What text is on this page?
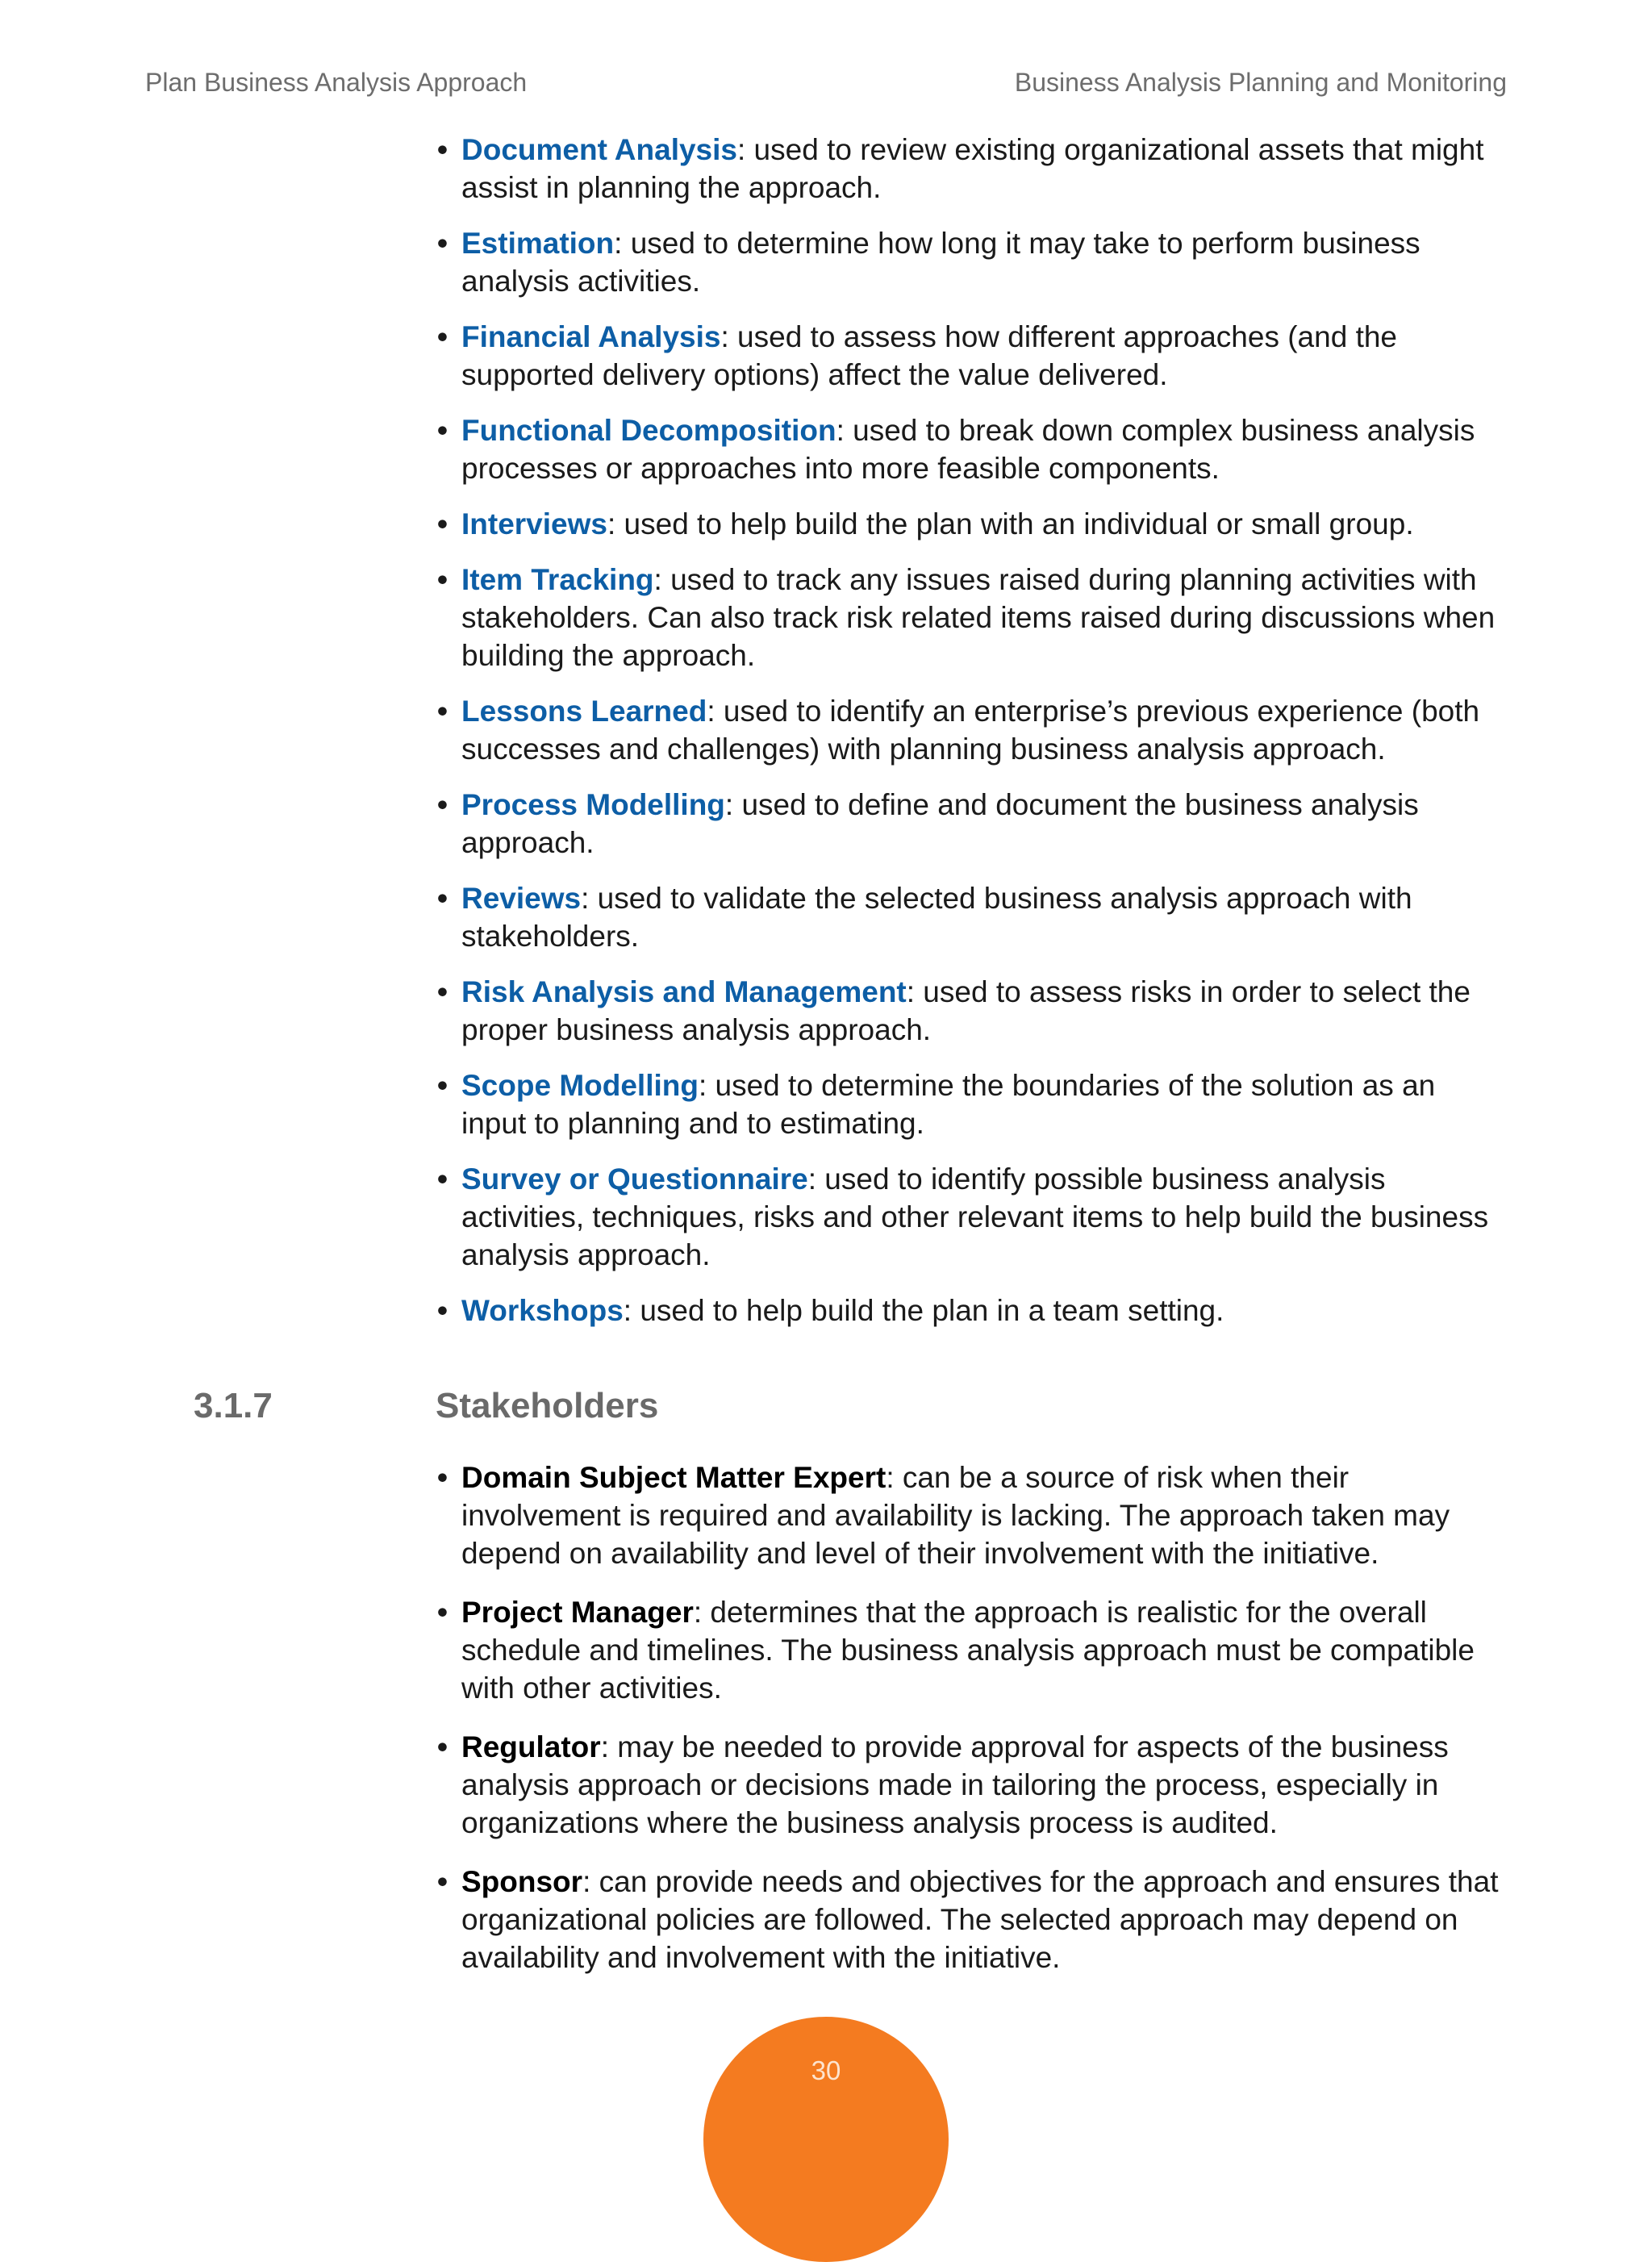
Plan Business Analysis Approach	Business Analysis Planning and Monitoring
• Document Analysis: used to review existing organizational assets that might assist in planning the approach.
• Estimation: used to determine how long it may take to perform business analysis activities.
• Financial Analysis: used to assess how different approaches (and the supported delivery options) affect the value delivered.
• Functional Decomposition: used to break down complex business analysis processes or approaches into more feasible components.
• Interviews: used to help build the plan with an individual or small group.
• Item Tracking: used to track any issues raised during planning activities with stakeholders. Can also track risk related items raised during discussions when building the approach.
• Lessons Learned: used to identify an enterprise’s previous experience (both successes and challenges) with planning business analysis approach.
• Process Modelling: used to define and document the business analysis approach.
• Reviews: used to validate the selected business analysis approach with stakeholders.
• Risk Analysis and Management: used to assess risks in order to select the proper business analysis approach.
• Scope Modelling: used to determine the boundaries of the solution as an input to planning and to estimating.
• Survey or Questionnaire: used to identify possible business analysis activities, techniques, risks and other relevant items to help build the business analysis approach.
• Workshops: used to help build the plan in a team setting.
3.1.7	Stakeholders
• Domain Subject Matter Expert: can be a source of risk when their involvement is required and availability is lacking. The approach taken may depend on availability and level of their involvement with the initiative.
• Project Manager: determines that the approach is realistic for the overall schedule and timelines. The business analysis approach must be compatible with other activities.
• Regulator: may be needed to provide approval for aspects of the business analysis approach or decisions made in tailoring the process, especially in organizations where the business analysis process is audited.
• Sponsor: can provide needs and objectives for the approach and ensures that organizational policies are followed. The selected approach may depend on availability and involvement with the initiative.
30
